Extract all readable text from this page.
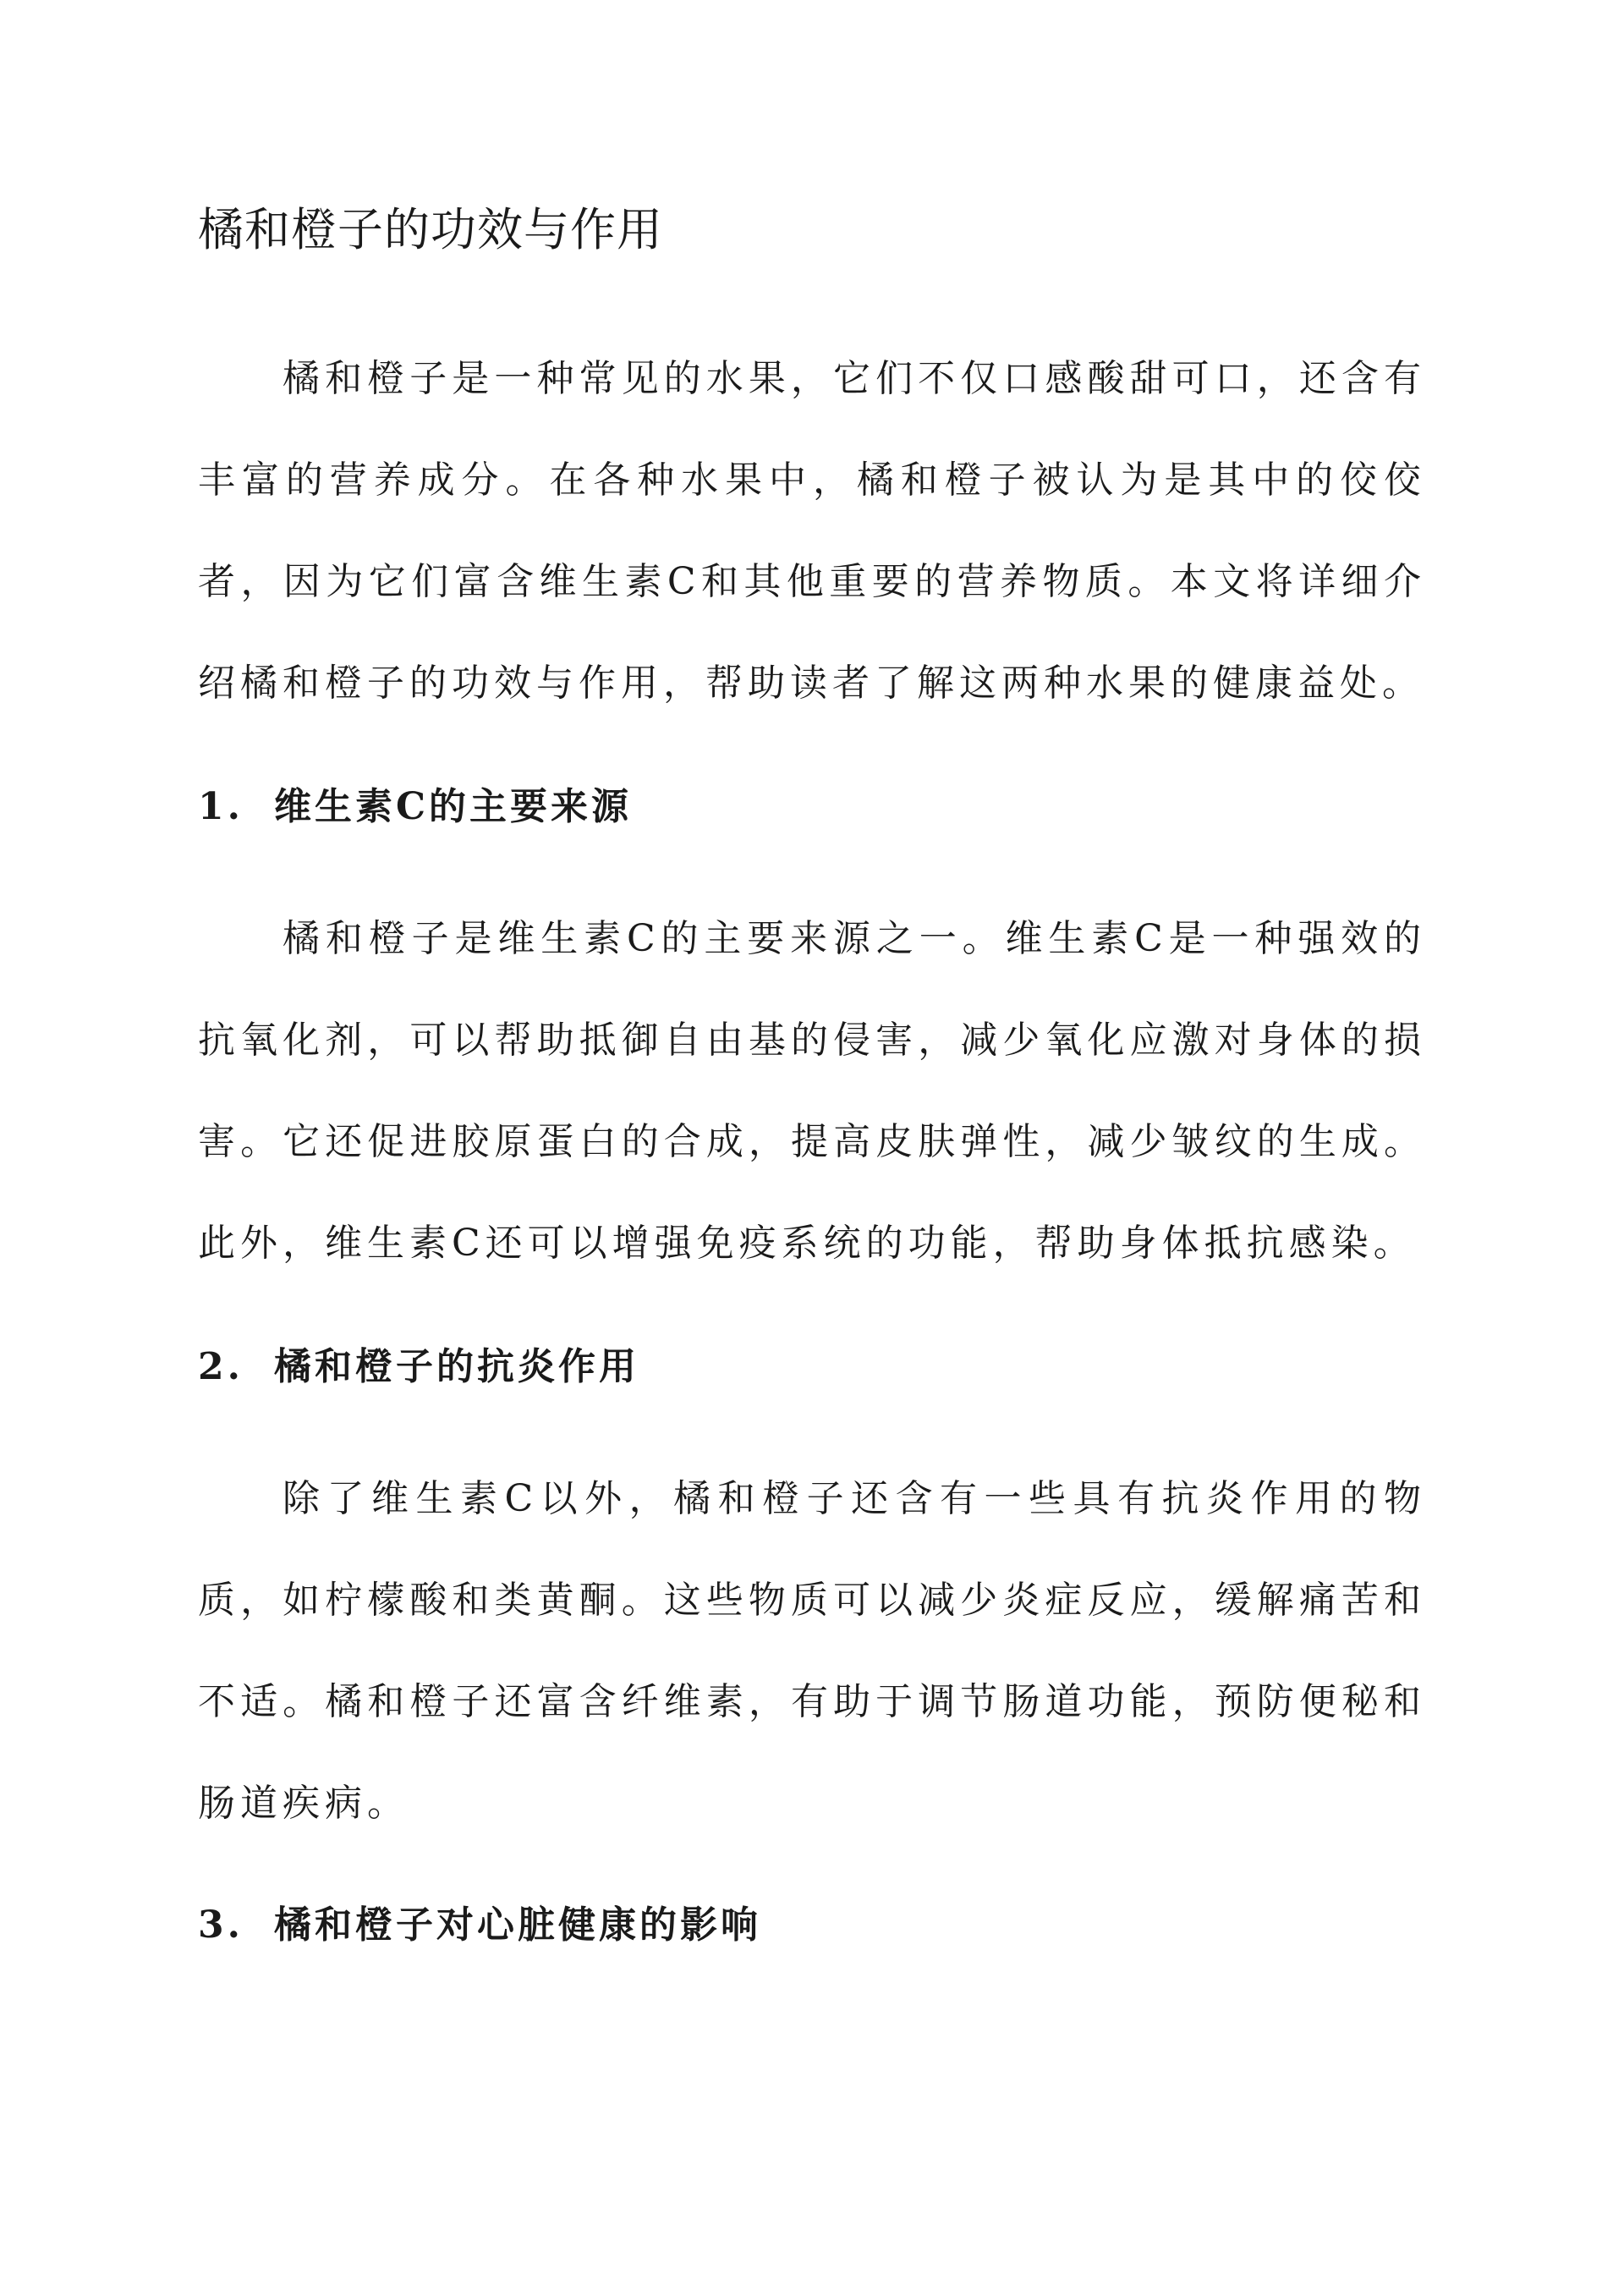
橘和橙子的功效与作用

橘和橙子是一种常见的水果，它们不仅口感酸甜可口，还含有丰富的营养成分。在各种水果中，橘和橙子被认为是其中的佼佼者，因为它们富含维生素C和其他重要的营养物质。本文将详细介绍橘和橙子的功效与作用，帮助读者了解这两种水果的健康益处。

1. 维生素C的主要来源

橘和橙子是维生素C的主要来源之一。维生素C是一种强效的抗氧化剂，可以帮助抵御自由基的侵害，减少氧化应激对身体的损害。它还促进胶原蛋白的合成，提高皮肤弹性，减少皱纹的生成。此外，维生素C还可以增强免疫系统的功能，帮助身体抵抗感染。

2. 橘和橙子的抗炎作用

除了维生素C以外，橘和橙子还含有一些具有抗炎作用的物质，如柠檬酸和类黄酮。这些物质可以减少炎症反应，缓解痛苦和不适。橘和橙子还富含纤维素，有助于调节肠道功能，预防便秘和肠道疾病。

3. 橘和橙子对心脏健康的影响
